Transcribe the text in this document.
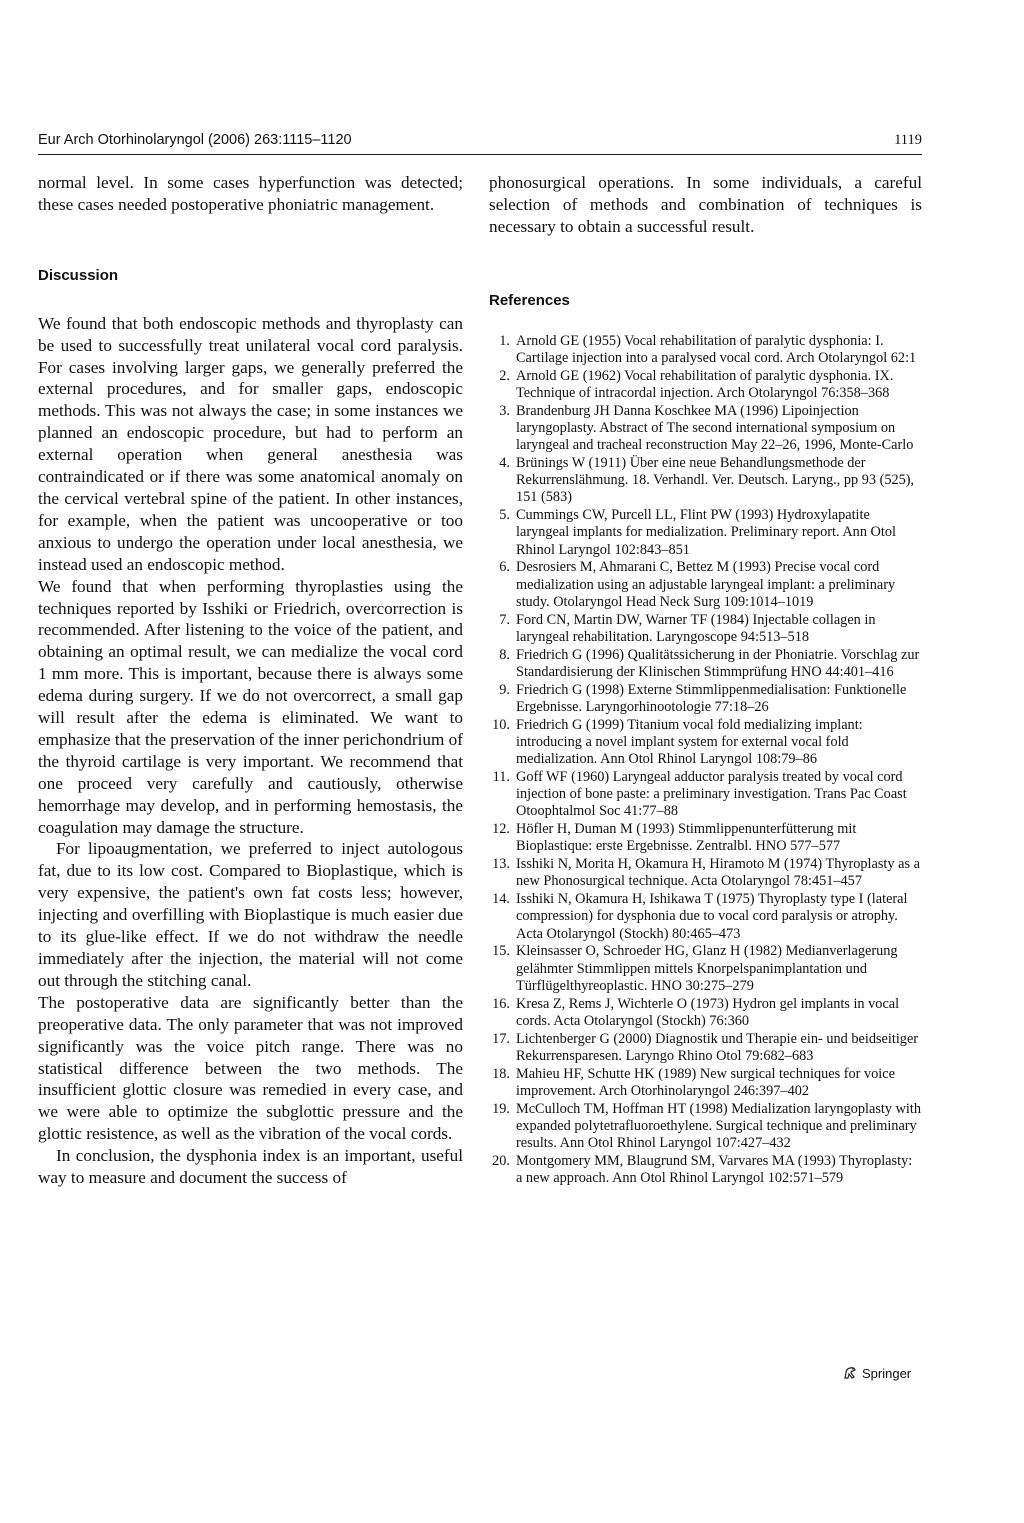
Eur Arch Otorhinolaryngol (2006) 263:1115–1120	1119

normal level. In some cases hyperfunction was detected; these cases needed postoperative phoniatric management.

Discussion

We found that both endoscopic methods and thyroplasty can be used to successfully treat unilateral vocal cord paralysis. For cases involving larger gaps, we generally preferred the external procedures, and for smaller gaps, endoscopic methods. This was not always the case; in some instances we planned an endoscopic procedure, but had to perform an external operation when general anesthesia was contraindicated or if there was some anatomical anomaly on the cervical vertebral spine of the patient. In other instances, for example, when the patient was uncooperative or too anxious to undergo the operation under local anesthesia, we instead used an endoscopic method.

We found that when performing thyroplasties using the techniques reported by Isshiki or Friedrich, overcorrection is recommended. After listening to the voice of the patient, and obtaining an optimal result, we can medialize the vocal cord 1 mm more. This is important, because there is always some edema during surgery. If we do not overcorrect, a small gap will result after the edema is eliminated. We want to emphasize that the preservation of the inner perichondrium of the thyroid cartilage is very important. We recommend that one proceed very carefully and cautiously, otherwise hemorrhage may develop, and in performing hemostasis, the coagulation may damage the structure.

For lipoaugmentation, we preferred to inject autologous fat, due to its low cost. Compared to Bioplastique, which is very expensive, the patient's own fat costs less; however, injecting and overfilling with Bioplastique is much easier due to its glue-like effect. If we do not withdraw the needle immediately after the injection, the material will not come out through the stitching canal.

The postoperative data are significantly better than the preoperative data. The only parameter that was not improved significantly was the voice pitch range. There was no statistical difference between the two methods. The insufficient glottic closure was remedied in every case, and we were able to optimize the subglottic pressure and the glottic resistence, as well as the vibration of the vocal cords.

In conclusion, the dysphonia index is an important, useful way to measure and document the success of

phonosurgical operations. In some individuals, a careful selection of methods and combination of techniques is necessary to obtain a successful result.

References
1. Arnold GE (1955) Vocal rehabilitation of paralytic dysphonia: I. Cartilage injection into a paralysed vocal cord. Arch Otolaryngol 62:1
2. Arnold GE (1962) Vocal rehabilitation of paralytic dysphonia. IX. Technique of intracordal injection. Arch Otolaryngol 76:358–368
3. Brandenburg JH Danna Koschkee MA (1996) Lipoinjection laryngoplasty. Abstract of The second international symposium on laryngeal and tracheal reconstruction May 22–26, 1996, Monte-Carlo
4. Brünings W (1911) Über eine neue Behandlungsmethode der Rekurrenslähmung. 18. Verhandl. Ver. Deutsch. Laryng., pp 93 (525), 151 (583)
5. Cummings CW, Purcell LL, Flint PW (1993) Hydroxylapatite laryngeal implants for medialization. Preliminary report. Ann Otol Rhinol Laryngol 102:843–851
6. Desrosiers M, Ahmarani C, Bettez M (1993) Precise vocal cord medialization using an adjustable laryngeal implant: a preliminary study. Otolaryngol Head Neck Surg 109:1014–1019
7. Ford CN, Martin DW, Warner TF (1984) Injectable collagen in laryngeal rehabilitation. Laryngoscope 94:513–518
8. Friedrich G (1996) Qualitätssicherung in der Phoniatrie. Vorschlag zur Standardisierung der Klinischen Stimmprüfung HNO 44:401–416
9. Friedrich G (1998) Externe Stimmlippenmedialisation: Funktionelle Ergebnisse. Laryngorhinootologie 77:18–26
10. Friedrich G (1999) Titanium vocal fold medializing implant: introducing a novel implant system for external vocal fold medialization. Ann Otol Rhinol Laryngol 108:79–86
11. Goff WF (1960) Laryngeal adductor paralysis treated by vocal cord injection of bone paste: a preliminary investigation. Trans Pac Coast Otoophtalmol Soc 41:77–88
12. Höfler H, Duman M (1993) Stimmlippenunterfütterung mit Bioplastique: erste Ergebnisse. Zentralbl. HNO 577–577
13. Isshiki N, Morita H, Okamura H, Hiramoto M (1974) Thyroplasty as a new Phonosurgical technique. Acta Otolaryngol 78:451–457
14. Isshiki N, Okamura H, Ishikawa T (1975) Thyroplasty type I (lateral compression) for dysphonia due to vocal cord paralysis or atrophy. Acta Otolaryngol (Stockh) 80:465–473
15. Kleinsasser O, Schroeder HG, Glanz H (1982) Medianverlagerung gelähmter Stimmlippen mittels Knorpelspanimplantation und Türflügelthyreoplastic. HNO 30:275–279
16. Kresa Z, Rems J, Wichterle O (1973) Hydron gel implants in vocal cords. Acta Otolaryngol (Stockh) 76:360
17. Lichtenberger G (2000) Diagnostik und Therapie ein- und beidseitiger Rekurrensparesen. Laryngo Rhino Otol 79:682–683
18. Mahieu HF, Schutte HK (1989) New surgical techniques for voice improvement. Arch Otorhinolaryngol 246:397–402
19. McCulloch TM, Hoffman HT (1998) Medialization laryngoplasty with expanded polytetrafluoroethylene. Surgical technique and preliminary results. Ann Otol Rhinol Laryngol 107:427–432
20. Montgomery MM, Blaugrund SM, Varvares MA (1993) Thyroplasty: a new approach. Ann Otol Rhinol Laryngol 102:571–579
Springer
